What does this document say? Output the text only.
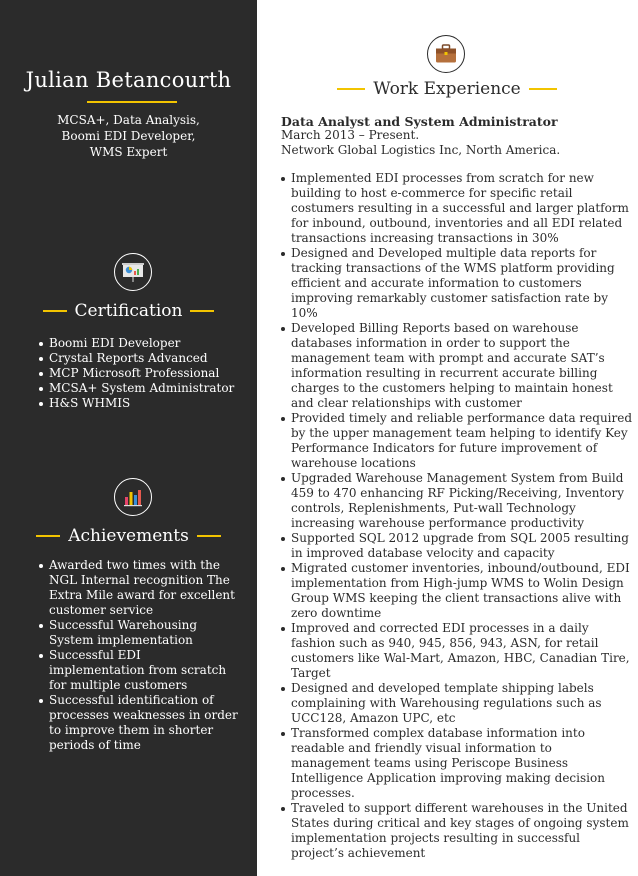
Julian Betancourth
MCSA+, Data Analysis,
Boomi EDI Developer,
WMS Expert
Certification
Boomi EDI Developer
Crystal Reports Advanced
MCP Microsoft Professional
MCSA+ System Administrator
H&S WHMIS
Achievements
Awarded two times with the NGL Internal recognition The Extra Mile award for excellent customer service
Successful Warehousing System implementation
Successful EDI implementation from scratch for multiple customers
Successful identification of processes weaknesses in order to improve them in shorter periods of time
Work Experience
Data Analyst and System Administrator
March 2013 – Present.
Network Global Logistics Inc, North America.
Implemented EDI processes from scratch for new building to host e-commerce for specific retail costumers resulting in a successful and larger platform for inbound, outbound, inventories and all EDI related transactions increasing transactions in 30%
Designed and Developed multiple data reports for tracking transactions of the WMS platform providing efficient and accurate information to customers improving remarkably customer satisfaction rate by 10%
Developed Billing Reports based on warehouse databases information in order to support the management team with prompt and accurate SAT’s information resulting in recurrent accurate billing charges to the customers helping to maintain honest and clear relationships with customer
Provided timely and reliable performance data required by the upper management team helping to identify Key Performance Indicators for future improvement of warehouse locations
Upgraded Warehouse Management System from Build 459 to 470 enhancing RF Picking/Receiving, Inventory controls, Replenishments, Put-wall Technology increasing warehouse performance productivity
Supported SQL 2012 upgrade from SQL 2005 resulting in improved database velocity and capacity
Migrated customer inventories, inbound/outbound, EDI implementation from High-jump WMS to Wolin Design Group WMS keeping the client transactions alive with zero downtime
Improved and corrected EDI processes in a daily fashion such as 940, 945, 856, 943, ASN, for retail customers like Wal-Mart, Amazon, HBC, Canadian Tire, Target
Designed and developed template shipping labels complaining with Warehousing regulations such as UCC128, Amazon UPC, etc
Transformed complex database information into readable and friendly visual information to management teams using Periscope Business Intelligence Application improving making decision processes.
Traveled to support different warehouses in the United States during critical and key stages of ongoing system implementation projects resulting in successful project’s achievement
